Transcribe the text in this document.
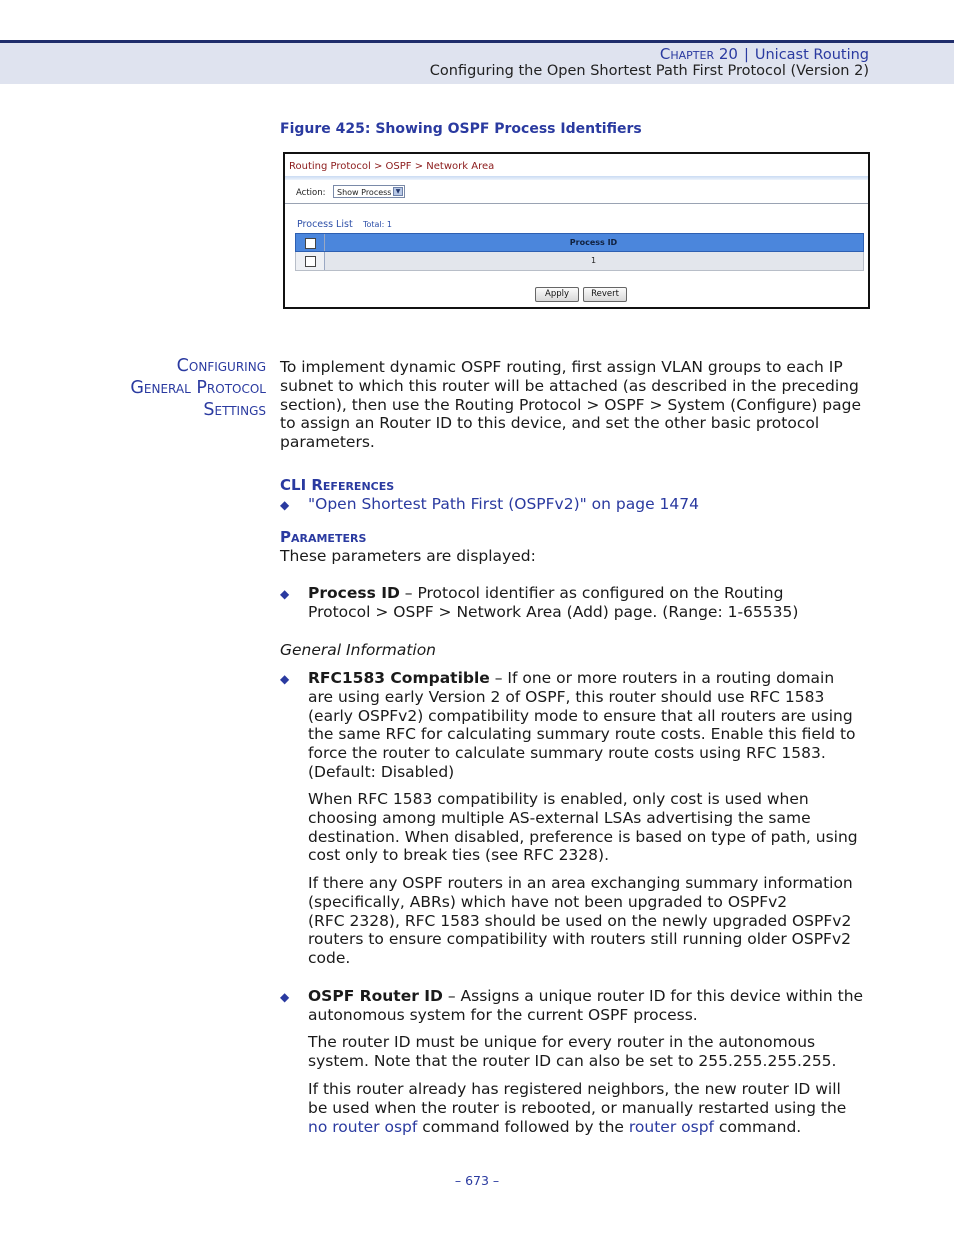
Chapter 20 | Unicast Routing
Configuring the Open Shortest Path First Protocol (Version 2)
Figure 425: Showing OSPF Process Identifiers
Routing Protocol > OSPF > Network Area
Action:	Show Process ▼
Process List Total: 1
Process ID
1
Apply	Revert
Configuring
General Protocol
Settings
To implement dynamic OSPF routing, first assign VLAN groups to each IP
subnet to which this router will be attached (as described in the preceding
section), then use the Routing Protocol > OSPF > System (Configure) page
to assign an Router ID to this device, and set the other basic protocol
parameters.
CLI References
◆ "Open Shortest Path First (OSPFv2)" on page 1474
Parameters
These parameters are displayed:
◆ Process ID – Protocol identifier as configured on the Routing
Protocol > OSPF > Network Area (Add) page. (Range: 1-65535)
General Information
◆ RFC1583 Compatible – If one or more routers in a routing domain
are using early Version 2 of OSPF, this router should use RFC 1583
(early OSPFv2) compatibility mode to ensure that all routers are using
the same RFC for calculating summary route costs. Enable this field to
force the router to calculate summary route costs using RFC 1583.
(Default: Disabled)
When RFC 1583 compatibility is enabled, only cost is used when
choosing among multiple AS-external LSAs advertising the same
destination. When disabled, preference is based on type of path, using
cost only to break ties (see RFC 2328).
If there any OSPF routers in an area exchanging summary information
(specifically, ABRs) which have not been upgraded to OSPFv2
(RFC 2328), RFC 1583 should be used on the newly upgraded OSPFv2
routers to ensure compatibility with routers still running older OSPFv2
code.
◆ OSPF Router ID – Assigns a unique router ID for this device within the
autonomous system for the current OSPF process.
The router ID must be unique for every router in the autonomous
system. Note that the router ID can also be set to 255.255.255.255.
If this router already has registered neighbors, the new router ID will
be used when the router is rebooted, or manually restarted using the
no router ospf command followed by the router ospf command.
– 673 –
